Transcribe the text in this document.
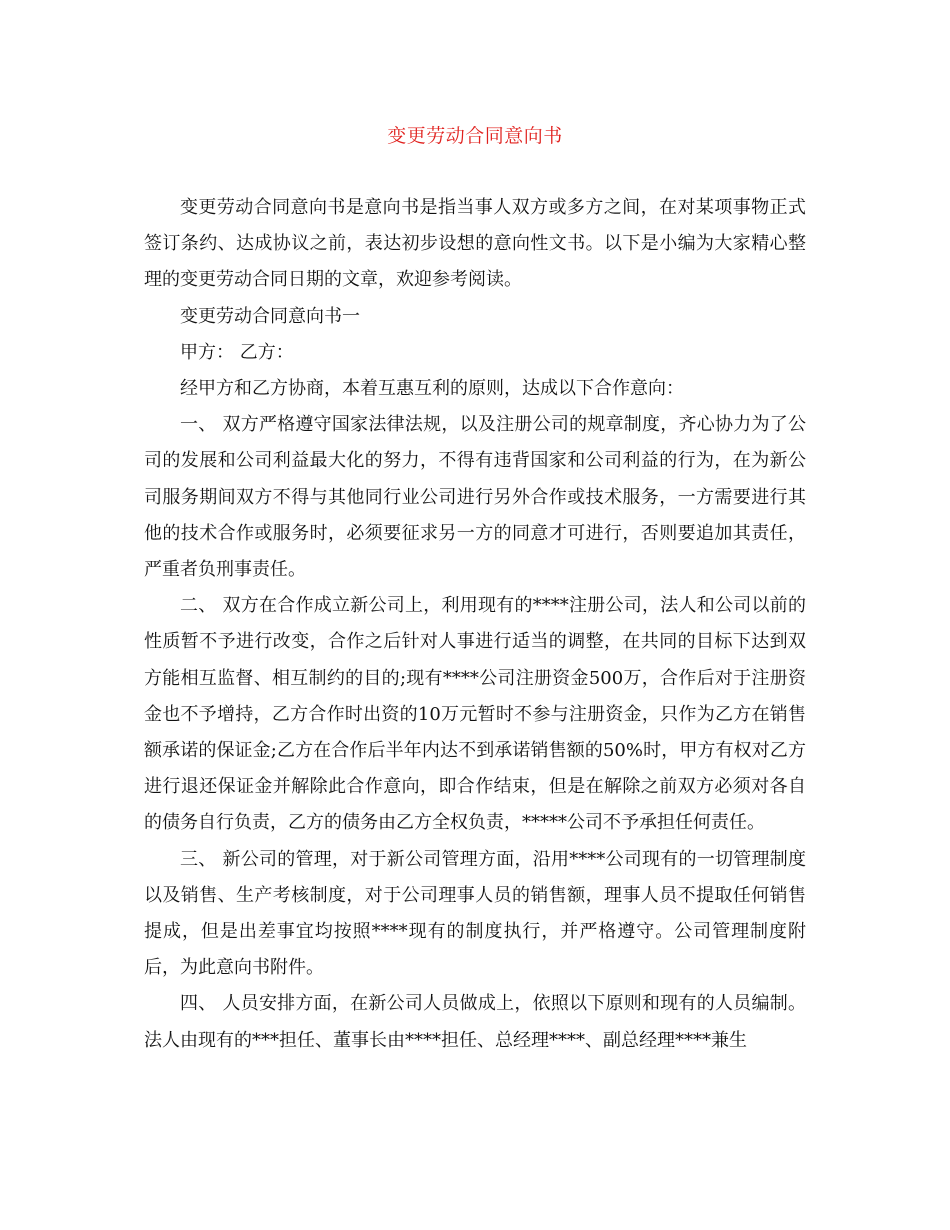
变更劳动合同意向书

变更劳动合同意向书是意向书是指当事人双方或多方之间，在对某项事物正式签订条约、达成协议之前，表达初步设想的意向性文书。以下是小编为大家精心整理的变更劳动合同日期的文章，欢迎参考阅读。

变更劳动合同意向书一

甲方： 乙方：

经甲方和乙方协商，本着互惠互利的原则，达成以下合作意向：

一、 双方严格遵守国家法律法规，以及注册公司的规章制度，齐心协力为了公司的发展和公司利益最大化的努力，不得有违背国家和公司利益的行为，在为新公司服务期间双方不得与其他同行业公司进行另外合作或技术服务，一方需要进行其他的技术合作或服务时，必须要征求另一方的同意才可进行，否则要追加其责任，严重者负刑事责任。

二、 双方在合作成立新公司上，利用现有的****注册公司，法人和公司以前的性质暂不予进行改变，合作之后针对人事进行适当的调整，在共同的目标下达到双方能相互监督、相互制约的目的;现有****公司注册资金500万，合作后对于注册资金也不予增持，乙方合作时出资的10万元暂时不参与注册资金，只作为乙方在销售额承诺的保证金;乙方在合作后半年内达不到承诺销售额的50%时，甲方有权对乙方进行退还保证金并解除此合作意向，即合作结束，但是在解除之前双方必须对各自的债务自行负责，乙方的债务由乙方全权负责，*****公司不予承担任何责任。

三、 新公司的管理，对于新公司管理方面，沿用****公司现有的一切管理制度以及销售、生产考核制度，对于公司理事人员的销售额，理事人员不提取任何销售提成，但是出差事宜均按照****现有的制度执行，并严格遵守。公司管理制度附后，为此意向书附件。

四、 人员安排方面，在新公司人员做成上，依照以下原则和现有的人员编制。法人由现有的***担任、董事长由****担任、总经理****、副总经理****兼生
